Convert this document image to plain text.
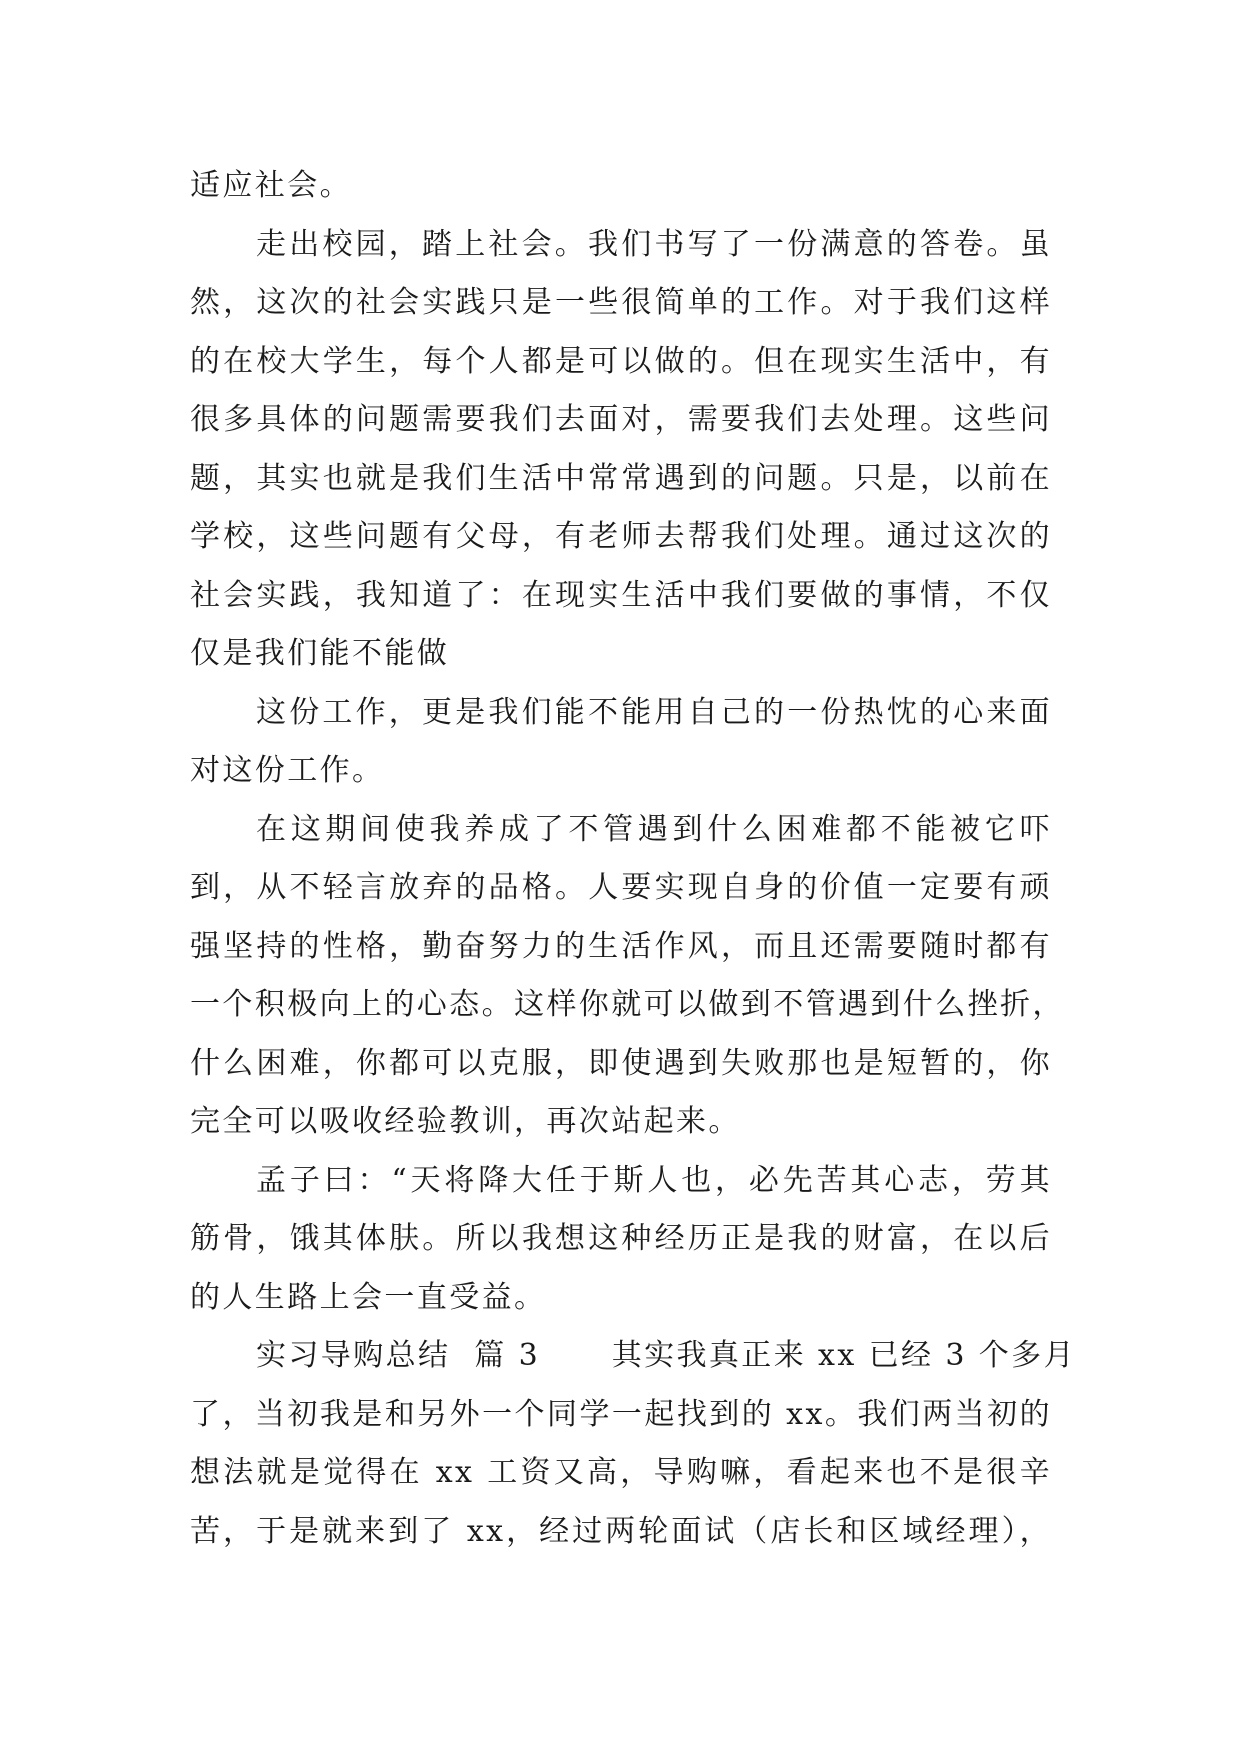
适应社会。
走出校园，踏上社会。我们书写了一份满意的答卷。虽
然，这次的社会实践只是一些很简单的工作。对于我们这样
的在校大学生，每个人都是可以做的。但在现实生活中，有
很多具体的问题需要我们去面对，需要我们去处理。这些问
题，其实也就是我们生活中常常遇到的问题。只是，以前在
学校，这些问题有父母，有老师去帮我们处理。通过这次的
社会实践，我知道了：在现实生活中我们要做的事情，不仅
仅是我们能不能做
这份工作，更是我们能不能用自己的一份热忱的心来面
对这份工作。
在这期间使我养成了不管遇到什么困难都不能被它吓
到，从不轻言放弃的品格。人要实现自身的价值一定要有顽
强坚持的性格，勤奋努力的生活作风，而且还需要随时都有
一个积极向上的心态。这样你就可以做到不管遇到什么挫折，
什么困难，你都可以克服，即使遇到失败那也是短暂的，你
完全可以吸收经验教训，再次站起来。
孟子曰：“天将降大任于斯人也，必先苦其心志，劳其
筋骨，饿其体肤。所以我想这种经历正是我的财富，在以后
的人生路上会一直受益。
实习导购总结  篇 3      其实我真正来 xx 已经 3 个多月
了，当初我是和另外一个同学一起找到的 xx。我们两当初的
想法就是觉得在 xx 工资又高，导购嘛，看起来也不是很辛
苦，于是就来到了 xx，经过两轮面试（店长和区域经理），
